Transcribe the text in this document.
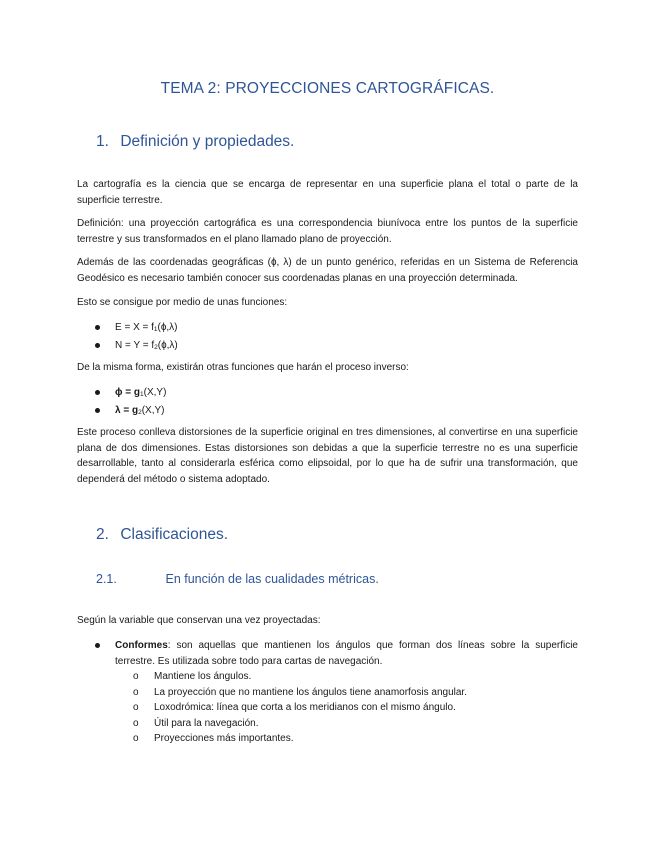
TEMA 2: PROYECCIONES CARTOGRÁFICAS.
1. Definición y propiedades.
La cartografía es la ciencia que se encarga de representar en una superficie plana el total o parte de la superficie terrestre.
Definición: una proyección cartográfica es una correspondencia biunívoca entre los puntos de la superficie terrestre y sus transformados en el plano llamado plano de proyección.
Además de las coordenadas geográficas (ɸ, λ) de un punto genérico, referidas en un Sistema de Referencia Geodésico es necesario también conocer sus coordenadas planas en una proyección determinada.
Esto se consigue por medio de unas funciones:
$E = X = f_1(ɸ,\lambda)$
$N = Y = f_2(ɸ,\lambda)$
De la misma forma, existirán otras funciones que harán el proceso inverso:
ɸ = $g_1(X,Y)$
$\lambda = g_2(X,Y)$
Este proceso conlleva distorsiones de la superficie original en tres dimensiones, al convertirse en una superficie plana de dos dimensiones. Estas distorsiones son debidas a que la superficie terrestre no es una superficie desarrollable, tanto al considerarla esférica como elipsoidal, por lo que ha de sufrir una transformación, que dependerá del método o sistema adoptado.
2. Clasificaciones.
2.1.	En función de las cualidades métricas.
Según la variable que conservan una vez proyectadas:
Conformes: son aquellas que mantienen los ángulos que forman dos líneas sobre la superficie terrestre. Es utilizada sobre todo para cartas de navegación.
o Mantiene los ángulos.
o La proyección que no mantiene los ángulos tiene anamorfosis angular.
o Loxodrómica: línea que corta a los meridianos con el mismo ángulo.
o Útil para la navegación.
o Proyecciones más importantes.
